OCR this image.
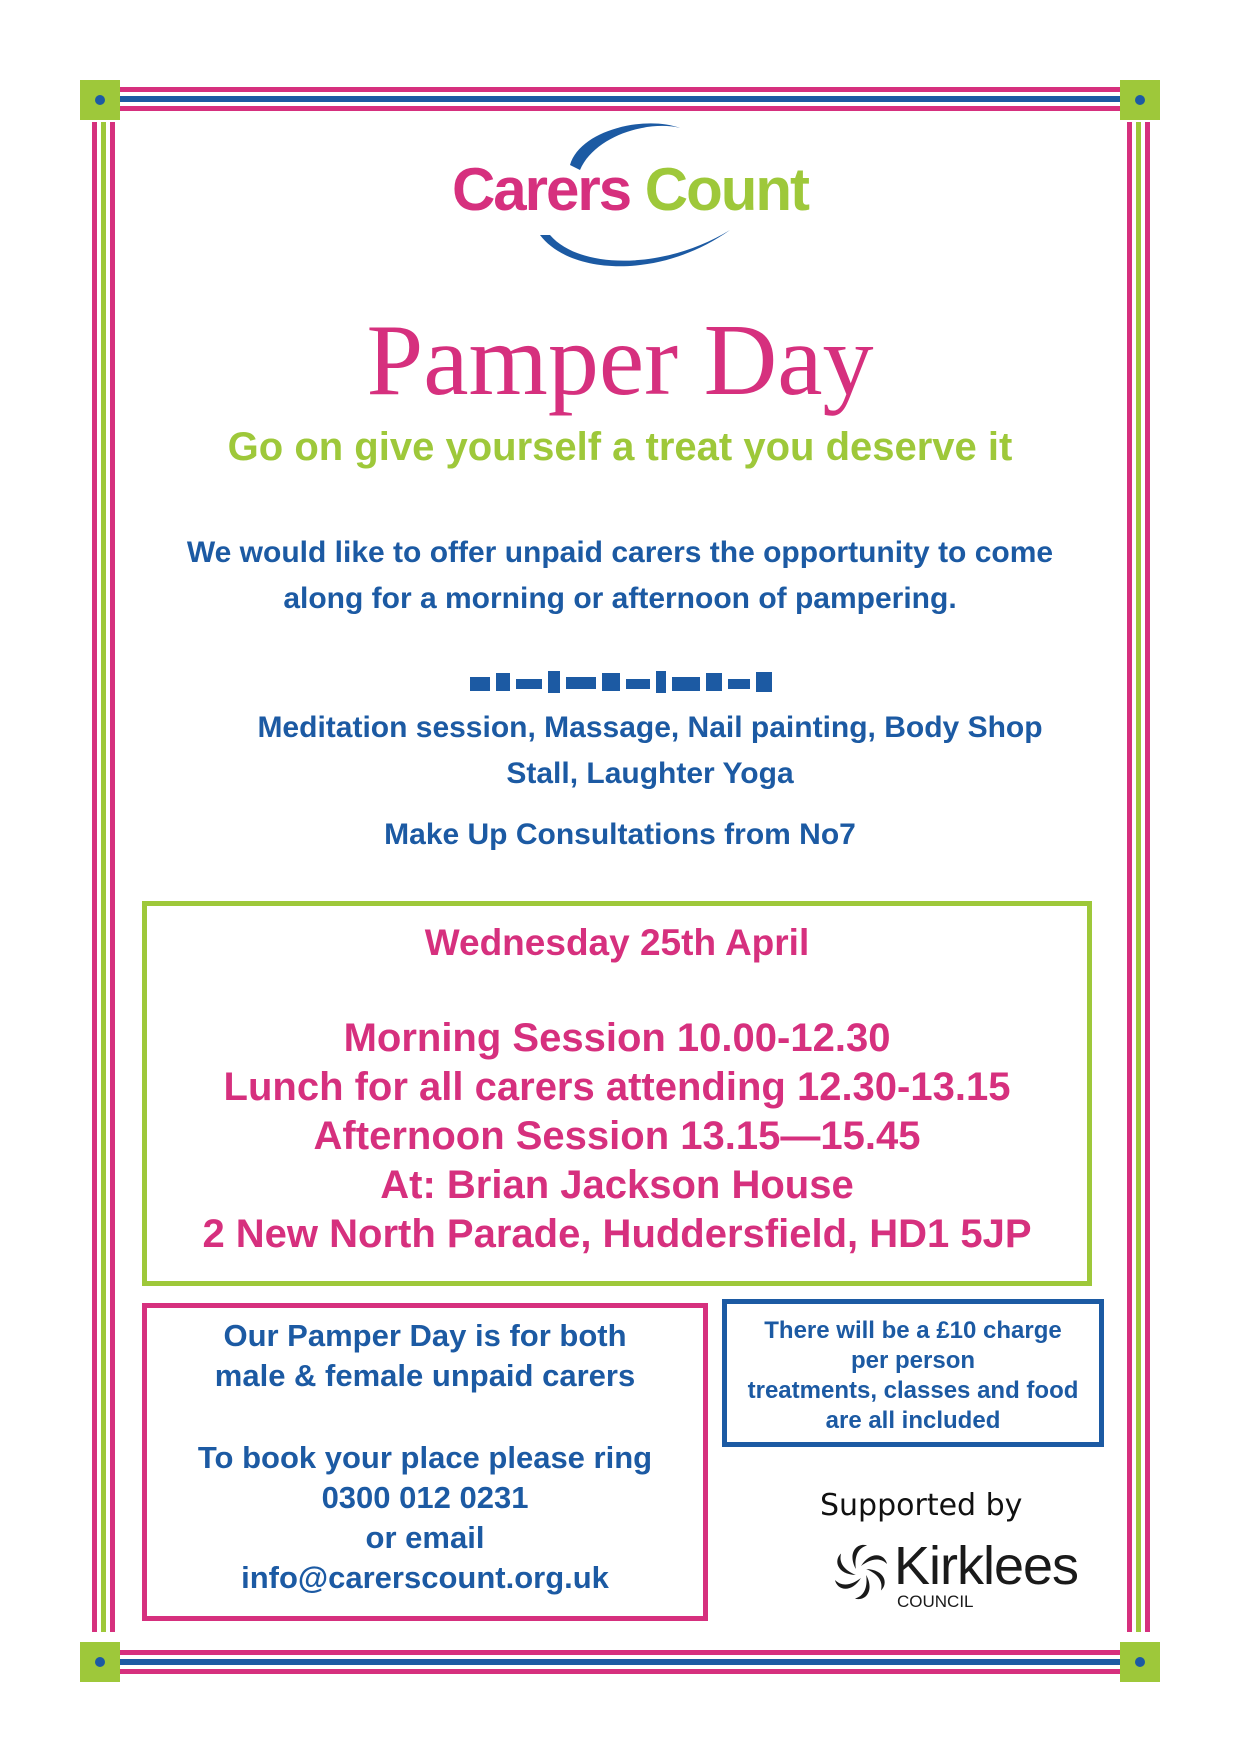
Carers Count
Pamper Day
Go on give yourself a treat you deserve it
We would like to offer unpaid carers the opportunity to come
along for a morning or afternoon of pampering.
Meditation session, Massage, Nail painting, Body Shop
Stall, Laughter Yoga
Make Up Consultations from No7
Wednesday 25th April
Morning Session 10.00-12.30
Lunch for all carers attending 12.30-13.15
Afternoon Session 13.15—15.45
At: Brian Jackson House
2 New North Parade, Huddersfield, HD1 5JP
Our Pamper Day is for both
male & female unpaid carers
To book your place please ring
0300 012 0231
or email
info@carerscount.org.uk
There will be a £10 charge
per person
treatments, classes and food
are all included
Supported by
Kirklees
COUNCIL
